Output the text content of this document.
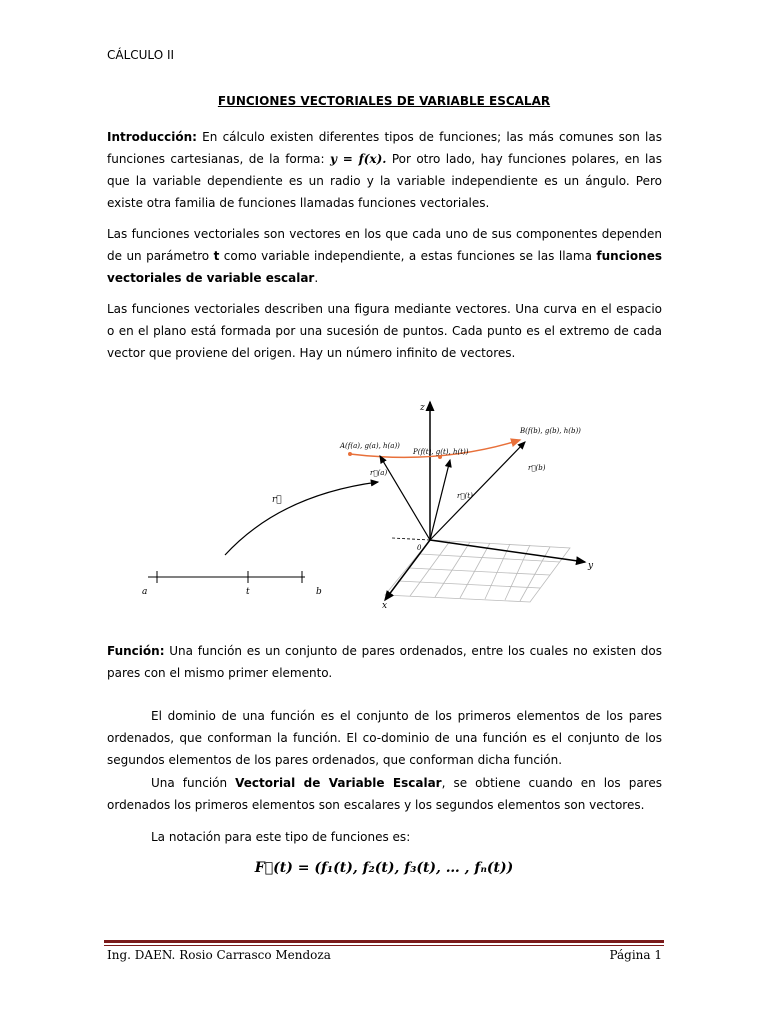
CÁLCULO II
FUNCIONES VECTORIALES DE VARIABLE ESCALAR
Introducción: En cálculo existen diferentes tipos de funciones; las más comunes son las funciones cartesianas, de la forma: y = f(x). Por otro lado, hay funciones polares, en las que la variable dependiente es un radio y la variable independiente es un ángulo. Pero existe otra familia de funciones llamadas funciones vectoriales.
Las funciones vectoriales son vectores en los que cada uno de sus componentes dependen de un parámetro t como variable independiente, a estas funciones se las llama funciones vectoriales de variable escalar.
Las funciones vectoriales describen una figura mediante vectores. Una curva en el espacio o en el plano está formada por una sucesión de puntos. Cada punto es el extremo de cada vector que proviene del origen. Hay un número infinito de vectores.
a	t	b
r⃗
z
y
x
0
A(f(a), g(a), h(a))
P(f(t), g(t), h(t))
B(f(b), g(b), h(b))
r⃗(a)
r⃗(t)
r⃗(b)
Función: Una función es un conjunto de pares ordenados, entre los cuales no existen dos pares con el mismo primer elemento.
El dominio de una función es el conjunto de los primeros elementos de los pares ordenados, que conforman la función. El co-dominio de una función es el conjunto de los segundos elementos de los pares ordenados, que conforman dicha función.
Una función Vectorial de Variable Escalar, se obtiene cuando en los pares ordenados los primeros elementos son escalares y los segundos elementos son vectores.
La notación para este tipo de funciones es:
F⃗(t) = (f₁(t), f₂(t), f₃(t), … , fₙ(t))
Ing. DAEN. Rosio Carrasco Mendoza	Página 1
